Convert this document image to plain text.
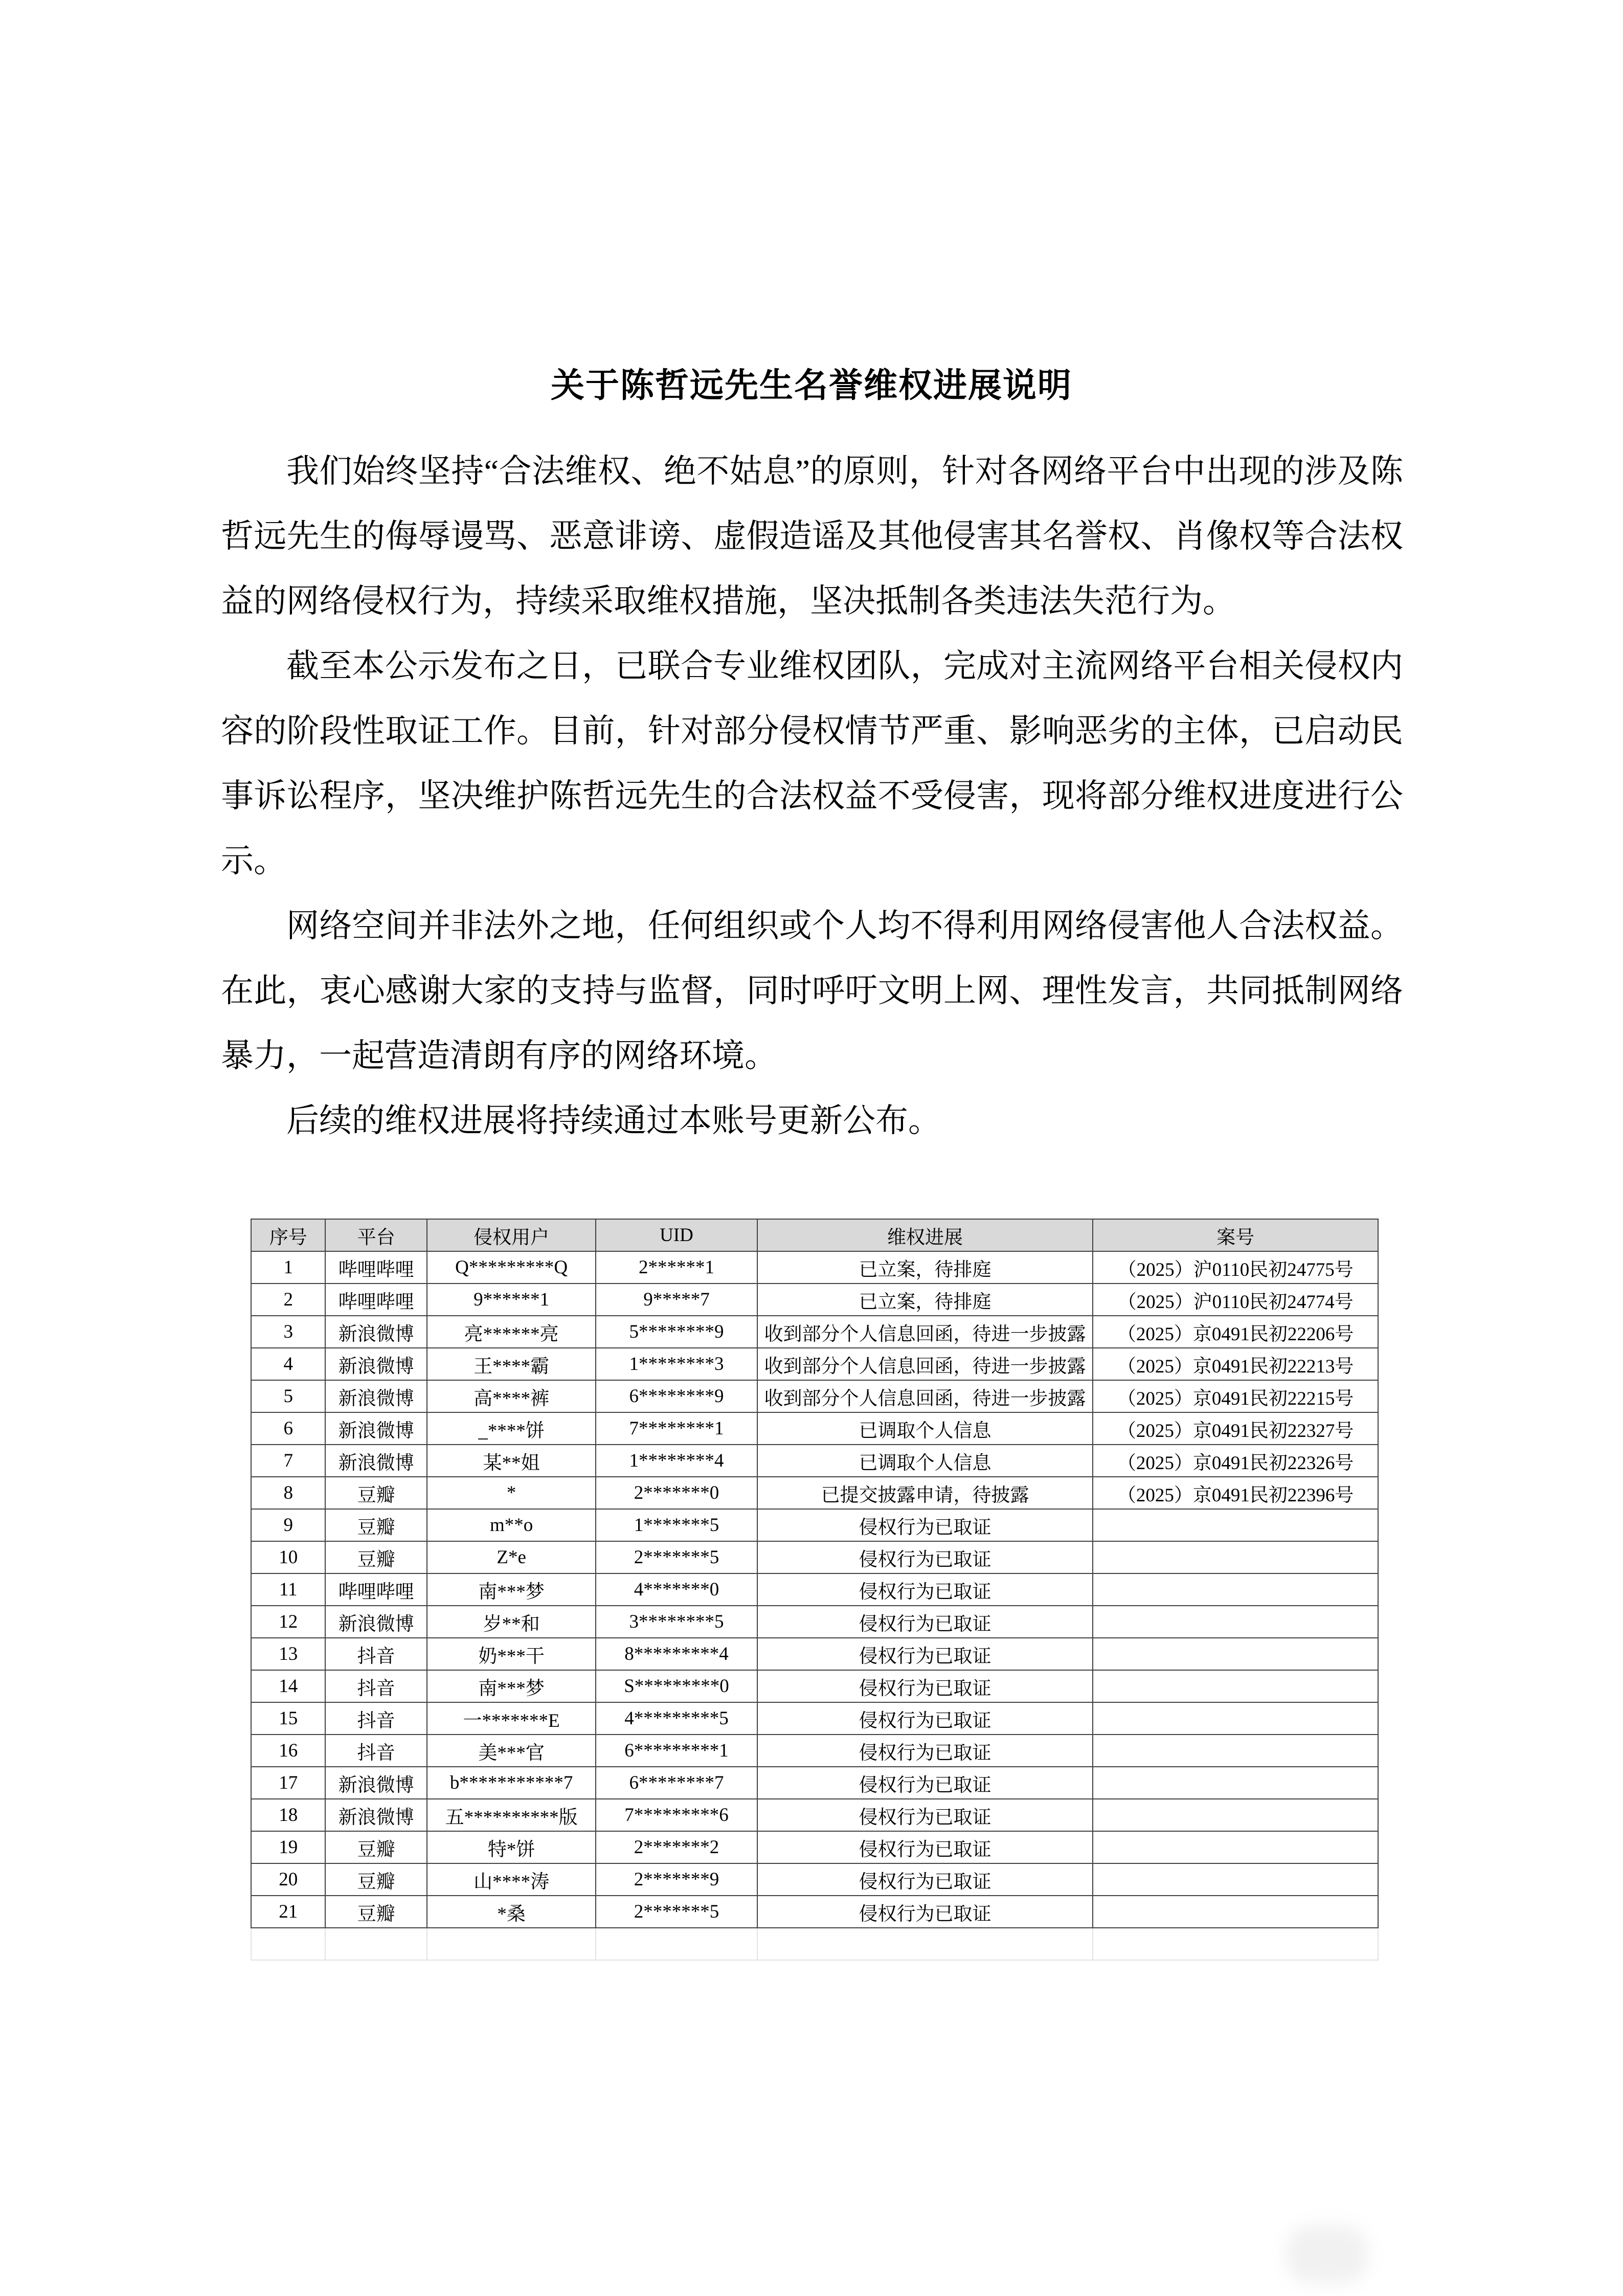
关于陈哲远先生名誉维权进展说明

我们始终坚持“合法维权、绝不姑息”的原则，针对各网络平台中出现的涉及陈哲远先生的侮辱谩骂、恶意诽谤、虚假造谣及其他侵害其名誉权、肖像权等合法权益的网络侵权行为，持续采取维权措施，坚决抵制各类违法失范行为。

截至本公示发布之日，已联合专业维权团队，完成对主流网络平台相关侵权内容的阶段性取证工作。目前，针对部分侵权情节严重、影响恶劣的主体，已启动民事诉讼程序，坚决维护陈哲远先生的合法权益不受侵害，现将部分维权进度进行公示。

网络空间并非法外之地，任何组织或个人均不得利用网络侵害他人合法权益。在此，衷心感谢大家的支持与监督，同时呼吁文明上网、理性发言，共同抵制网络暴力，一起营造清朗有序的网络环境。

后续的维权进展将持续通过本账号更新公布。

序号	平台	侵权用户	UID	维权进展	案号
1	哔哩哔哩	Q*********Q	2******1	已立案，待排庭	（2025）沪0110民初24775号
2	哔哩哔哩	9******1	9*****7	已立案，待排庭	（2025）沪0110民初24774号
3	新浪微博	亮******亮	5********9	收到部分个人信息回函，待进一步披露	（2025）京0491民初22206号
4	新浪微博	王****霸	1********3	收到部分个人信息回函，待进一步披露	（2025）京0491民初22213号
5	新浪微博	高****裤	6********9	收到部分个人信息回函，待进一步披露	（2025）京0491民初22215号
6	新浪微博	_****饼	7********1	已调取个人信息	（2025）京0491民初22327号
7	新浪微博	某**姐	1********4	已调取个人信息	（2025）京0491民初22326号
8	豆瓣	*	2*******0	已提交披露申请，待披露	（2025）京0491民初22396号
9	豆瓣	m**o	1*******5	侵权行为已取证	
10	豆瓣	Z*e	2*******5	侵权行为已取证	
11	哔哩哔哩	南***梦	4*******0	侵权行为已取证	
12	新浪微博	岁**和	3********5	侵权行为已取证	
13	抖音	奶***干	8*********4	侵权行为已取证	
14	抖音	南***梦	S*********0	侵权行为已取证	
15	抖音	一*******E	4*********5	侵权行为已取证	
16	抖音	美***官	6*********1	侵权行为已取证	
17	新浪微博	b***********7	6********7	侵权行为已取证	
18	新浪微博	五**********版	7*********6	侵权行为已取证	
19	豆瓣	特*饼	2*******2	侵权行为已取证	
20	豆瓣	山****涛	2*******9	侵权行为已取证	
21	豆瓣	*桑	2*******5	侵权行为已取证	
